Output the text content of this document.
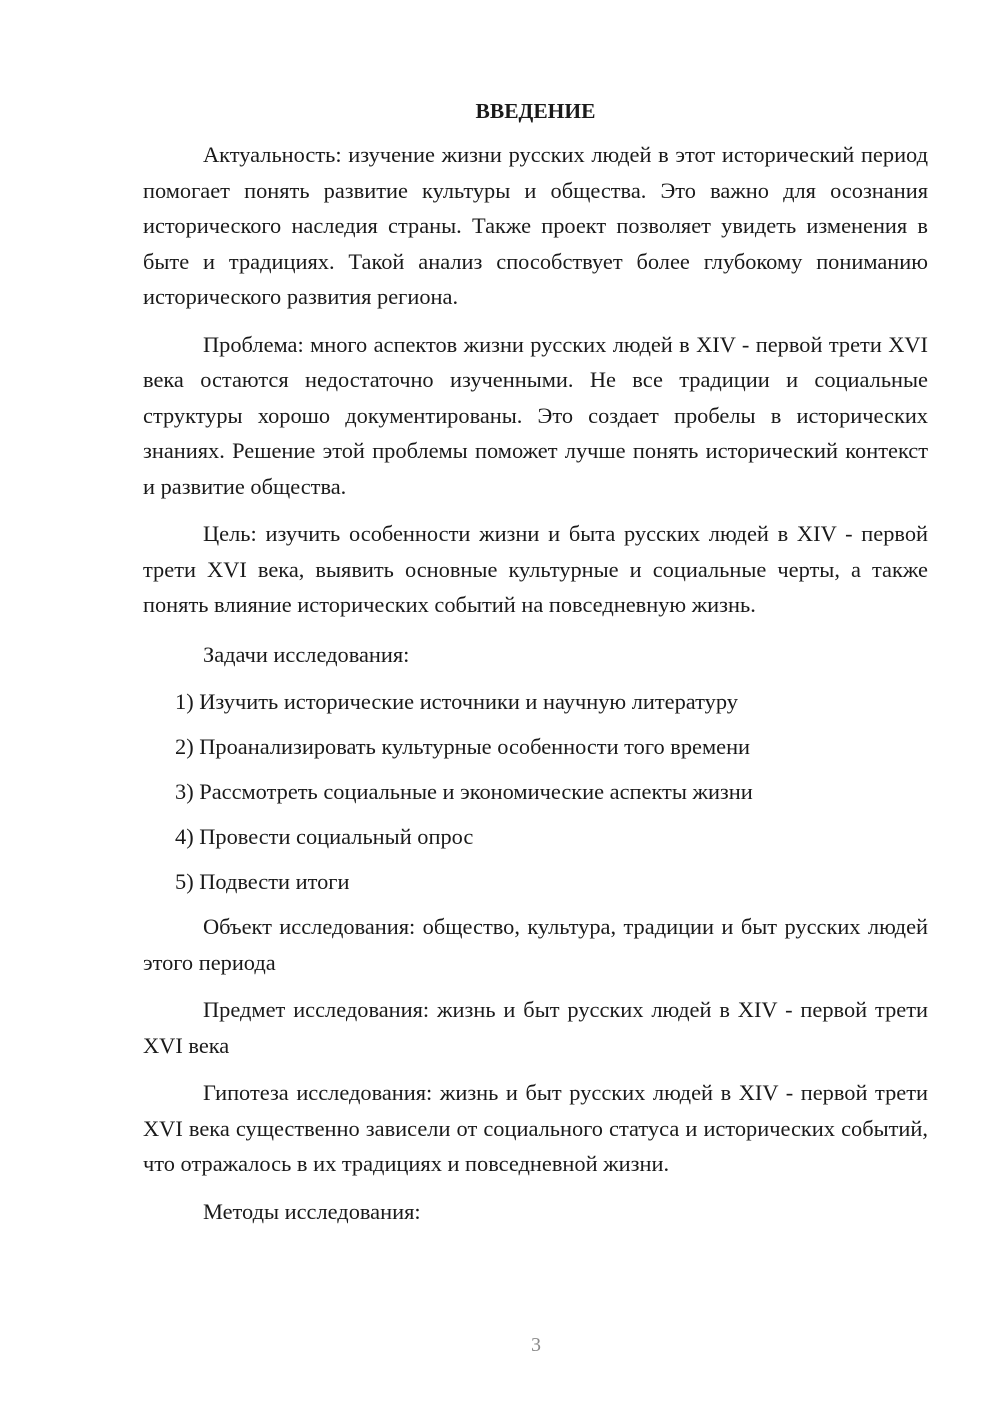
ВВЕДЕНИЕ

Актуальность: изучение жизни русских людей в этот исторический период помогает понять развитие культуры и общества. Это важно для осознания исторического наследия страны. Также проект позволяет увидеть изменения в быте и традициях. Такой анализ способствует более глубокому пониманию исторического развития региона.

Проблема: много аспектов жизни русских людей в XIV - первой трети XVI века остаются недостаточно изученными. Не все традиции и социальные структуры хорошо документированы. Это создает пробелы в исторических знаниях. Решение этой проблемы поможет лучше понять исторический контекст и развитие общества.

Цель: изучить особенности жизни и быта русских людей в XIV - первой трети XVI века, выявить основные культурные и социальные черты, а также понять влияние исторических событий на повседневную жизнь.

Задачи исследования:

1) Изучить исторические источники и научную литературу
2) Проанализировать культурные особенности того времени
3) Рассмотреть социальные и экономические аспекты жизни
4) Провести социальный опрос
5) Подвести итоги

Объект исследования: общество, культура, традиции и быт русских людей этого периода

Предмет исследования: жизнь и быт русских людей в XIV - первой трети XVI века

Гипотеза исследования: жизнь и быт русских людей в XIV - первой трети XVI века существенно зависели от социального статуса и исторических событий, что отражалось в их традициях и повседневной жизни.

Методы исследования:

3
